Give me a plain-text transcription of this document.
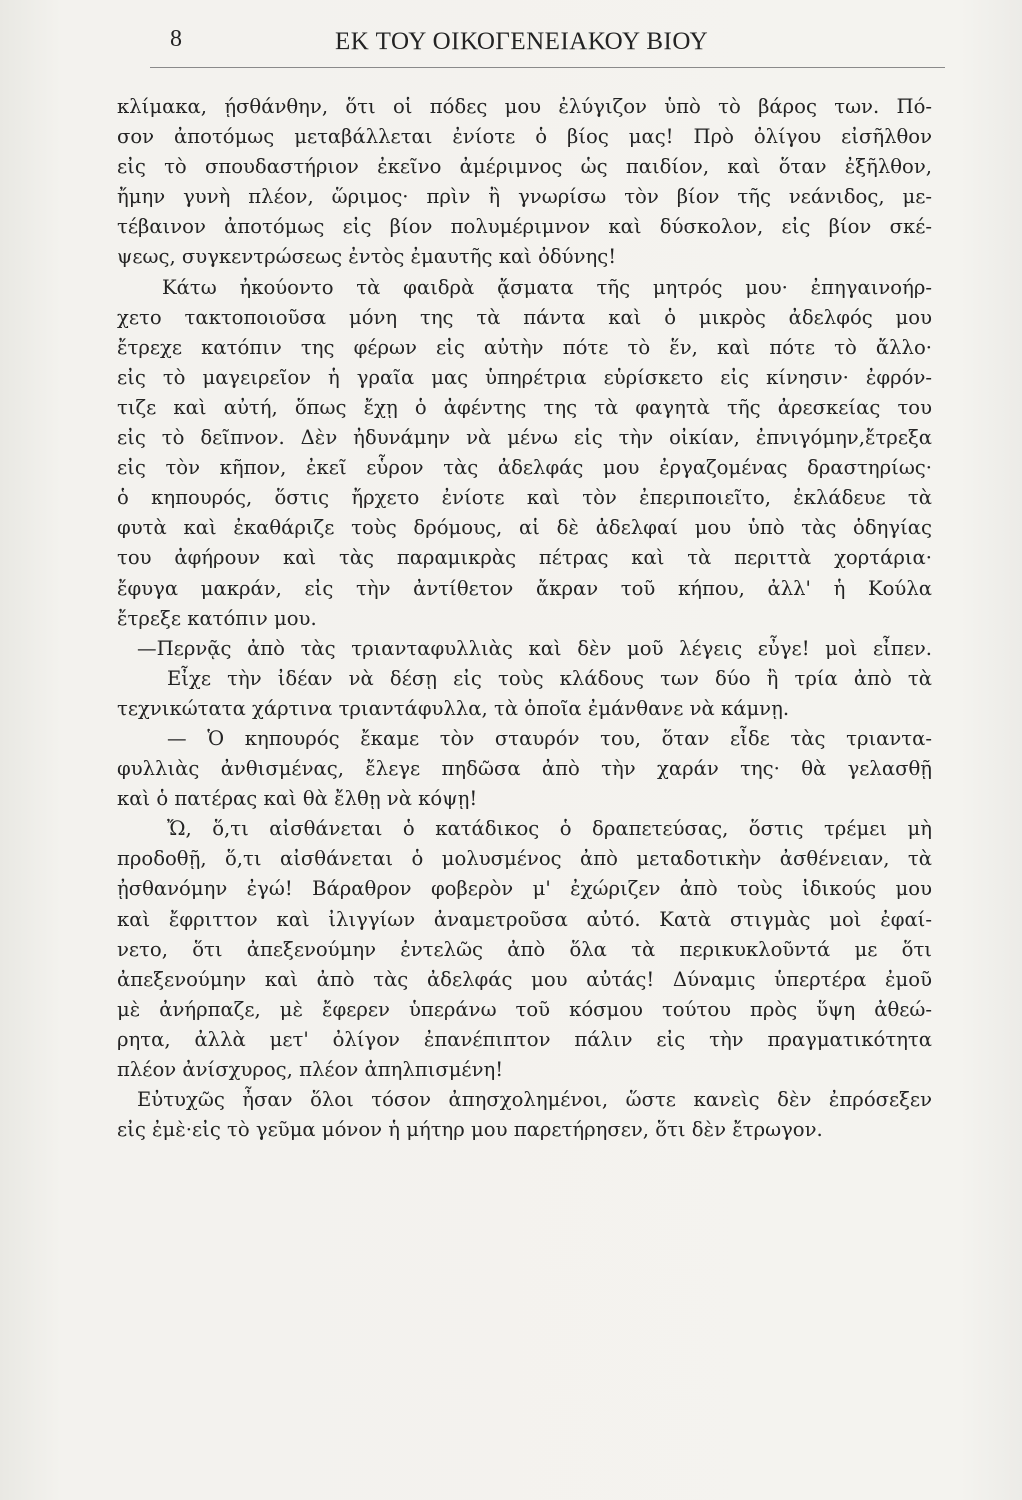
8	ΕΚ ΤΟΥ ΟΙΚΟΓΕΝΕΙΑΚΟΥ ΒΙΟΥ
κλίμακα, ῄσθάνθην, ὅτι οἱ πόδες μου ἐλύγιζον ὑπὸ τὸ βάρος των. Πό-
σον ἀποτόμως μεταβάλλεται ἐνίοτε ὁ βίος μας! Πρὸ ὀλίγου εἰσῆλθον
εἰς τὸ σπουδαστήριον ἐκεῖνο ἀμέριμνος ὡς παιδίον, καὶ ὅταν ἐξῆλθον,
ἤμην γυνὴ πλέον, ὥριμος· πρὶν ἢ γνωρίσω τὸν βίον τῆς νεάνιδος, με-
τέβαινον ἀποτόμως εἰς βίον πολυμέριμνον καὶ δύσκολον, εἰς βίον σκέ-
ψεως, συγκεντρώσεως ἐντὸς ἐμαυτῆς καὶ ὀδύνης!
Κάτω ἠκούοντο τὰ φαιδρὰ ᾄσματα τῆς μητρός μου· ἐπηγαινοήρ-
χετο τακτοποιοῦσα μόνη της τὰ πάντα καὶ ὁ μικρὸς ἀδελφός μου
ἔτρεχε κατόπιν της φέρων εἰς αὐτὴν πότε τὸ ἕν, καὶ πότε τὸ ἄλλο·
εἰς τὸ μαγειρεῖον ἡ γραῖα μας ὑπηρέτρια εὑρίσκετο εἰς κίνησιν· ἐφρόν-
τιζε καὶ αὐτή, ὅπως ἔχῃ ὁ ἀφέντης της τὰ φαγητὰ τῆς ἀρεσκείας του
εἰς τὸ δεῖπνον. Δὲν ἠδυνάμην νὰ μένω εἰς τὴν οἰκίαν, ἐπνιγόμην,ἔτρεξα
εἰς τὸν κῆπον, ἐκεῖ εὗρον τὰς ἀδελφάς μου ἐργαζομένας δραστηρίως·
ὁ κηπουρός, ὅστις ἤρχετο ἐνίοτε καὶ τὸν ἐπεριποιεῖτο, ἐκλάδευε τὰ
φυτὰ καὶ ἐκαθάριζε τοὺς δρόμους, αἱ δὲ ἀδελφαί μου ὑπὸ τὰς ὁδηγίας
του ἀφήρουν καὶ τὰς παραμικρὰς πέτρας καὶ τὰ περιττὰ χορτάρια·
ἔφυγα μακράν, εἰς τὴν ἀντίθετον ἄκραν τοῦ κήπου, ἀλλ' ἡ Κούλα
ἔτρεξε κατόπιν μου.
—Περνᾷς ἀπὸ τὰς τριανταφυλλιὰς καὶ δὲν μοῦ λέγεις εὖγε! μοὶ εἶπεν.
Εἶχε τὴν ἰδέαν νὰ δέσῃ εἰς τοὺς κλάδους των δύο ἢ τρία ἀπὸ τὰ
τεχνικώτατα χάρτινα τριαντάφυλλα, τὰ ὁποῖα ἐμάνθανε νὰ κάμνῃ.
— Ὁ κηπουρός ἔκαμε τὸν σταυρόν του, ὅταν εἶδε τὰς τριαντα-
φυλλιὰς ἀνθισμένας, ἔλεγε πηδῶσα ἀπὸ τὴν χαράν της· θὰ γελασθῇ
καὶ ὁ πατέρας καὶ θὰ ἔλθῃ νὰ κόψῃ!
Ὤ, ὅ,τι αἰσθάνεται ὁ κατάδικος ὁ δραπετεύσας, ὅστις τρέμει μὴ
προδοθῇ, ὅ,τι αἰσθάνεται ὁ μολυσμένος ἀπὸ μεταδοτικὴν ἀσθένειαν, τὰ
ᾐσθανόμην ἐγώ! Βάραθρον φοβερὸν μ' ἐχώριζεν ἀπὸ τοὺς ἰδικούς μου
καὶ ἔφριττον καὶ ἰλιγγίων ἀναμετροῦσα αὐτό. Κατὰ στιγμὰς μοὶ ἐφαί-
νετο, ὅτι ἀπεξενούμην ἐντελῶς ἀπὸ ὅλα τὰ περικυκλοῦντά με ὅτι
ἀπεξενούμην καὶ ἀπὸ τὰς ἀδελφάς μου αὐτάς! Δύναμις ὑπερτέρα ἐμοῦ
μὲ ἀνήρπαζε, μὲ ἔφερεν ὑπεράνω τοῦ κόσμου τούτου πρὸς ὕψη ἀθεώ-
ρητα, ἀλλὰ μετ' ὀλίγον ἐπανέπιπτον πάλιν εἰς τὴν πραγματικότητα
πλέον ἀνίσχυρος, πλέον ἀπηλπισμένη!
Εὐτυχῶς ἦσαν ὅλοι τόσον ἀπησχολημένοι, ὥστε κανεὶς δὲν ἐπρόσεξεν
εἰς ἐμὲ·εἰς τὸ γεῦμα μόνον ἡ μήτηρ μου παρετήρησεν, ὅτι δὲν ἔτρωγον.
